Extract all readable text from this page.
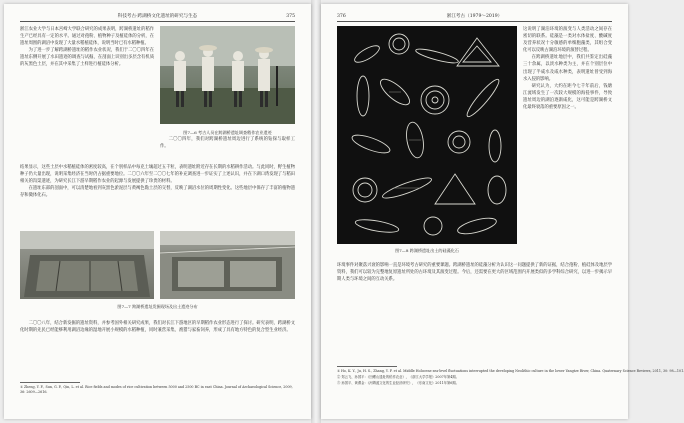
科技考古·跨湖桥文化遗址的研究与生态	375

浙江农业大学与日本宫崎大学联合研究的成果表明，跨湖桥遗址的稻作生产已经具有一定的水平。通过对孢粉、植物种子及植硅体的分析，在遗址周围的湖沼中发现了大量水稻植硅体，说明当时已有水稻种植。

为了进一步了解跨湖桥遗址的稻作农业状况，我们于二〇〇四年在遗址东侧开展了水田遗迹的调查与试掘，在剖面上识别出多层含有机质的灰黑色土层，并在其中采集了土样进行植硅体分析。

图7—6 考古人员在跨湖桥遗址调查稻作农业遗迹

二〇〇四年，我们对跨湖桥遗址周边进行了系统的钻探与取样工作。

结果显示，这些土层中水稻植硅体的密度较高，在个别样品中每克土壤超过五千粒，表明遗址附近存在长期的水稻耕作活动。与此同时，野生植物种子仍大量出现，说明采集经济在当时仍占据重要地位。二〇〇六年至二〇〇七年的补充调查进一步证实了上述认识，并在下湖口湾发现了与稻田相关的沟渠遗迹，为研究长江下游早期稻作农业的起源与发展提供了珍贵的材料。

在遗址东部的剖面中，可以清楚地看到灰黑色淤泥层与黄褐色黏土层的交替，反映了湖沼水位的周期性变化。这些地层中保存了丰富的植物遗存和微体化石。

图7—7 跨湖桥遗址发掘现场及出土遗迹分布

二〇〇八年，结合新发掘的遗址资料，并参考国外相关研究成果，我们对长江下游地区的早期稻作农业形态进行了探讨。研究表明，跨湖桥文化时期的先民已经能够利用湖沼边缘的湿地开展小规模的水稻种植，同时兼营采集、渔猎与家畜饲养，形成了具有地方特色的复合型生业经济。

① Zheng, Y. F., Sun, G. P., Qin, L. et al. Rice fields and modes of rice cultivation between 5000 and 2500 BC in east China. Journal of Archaeological Science, 2009, 36: 2609—2616.
376	浙江考古（1979～2019）
图7—8 跨湖桥遗址出土的硅藻化石

这说明了湖泊环境的演变与人类活动之间存在密切的联系。硅藻是一类对水体盐度、酸碱度及营养状况十分敏感的单细胞藻类，其组合变化可以反映古湖泊环境的演替过程。

在跨湖桥遗址地层中，我们共鉴定出硅藻三十余属，以淡水种类为主，并在个别层位中出现了半咸水及咸水种类，表明遗址曾受到海水入侵的影响。

研究认为，大约在距今七千年前后，钱塘江流域发生了一次较大规模的海侵事件，导致遗址周边的湖泊逐渐咸化，这可能是跨湖桥文化最终衰落的重要原因之一。

环境事件对聚落兴衰的影响一直是环境考古研究的重要课题。跨湖桥遗址的硅藻分析为认识这一问题提供了新的证据，结合孢粉、植硅体及地层学资料，我们可以较为完整地复原遗址所处的古环境及其演变过程。今后，还需要在更大的区域范围内开展类似的多学科综合研究，以进一步揭示早期人类与环境之间的互动关系。

① Ho, K. Y., Ju, H. S., Zhang, Y. F. et al. Middle Holocene sea-level fluctuations interrupted the developing Neolithic culture in the lower Yangtze River, China. Quaternary Science Reviews, 2011, 30: 98—101.
② 郑云飞、孙国平：《田螺山遗址的稻作农业》，《浙江大学学报》2007年第4期。
③ 孙国平、黄渭金：《河姆渡文化的生业经济研究》，《东南文化》2011年第6期。
